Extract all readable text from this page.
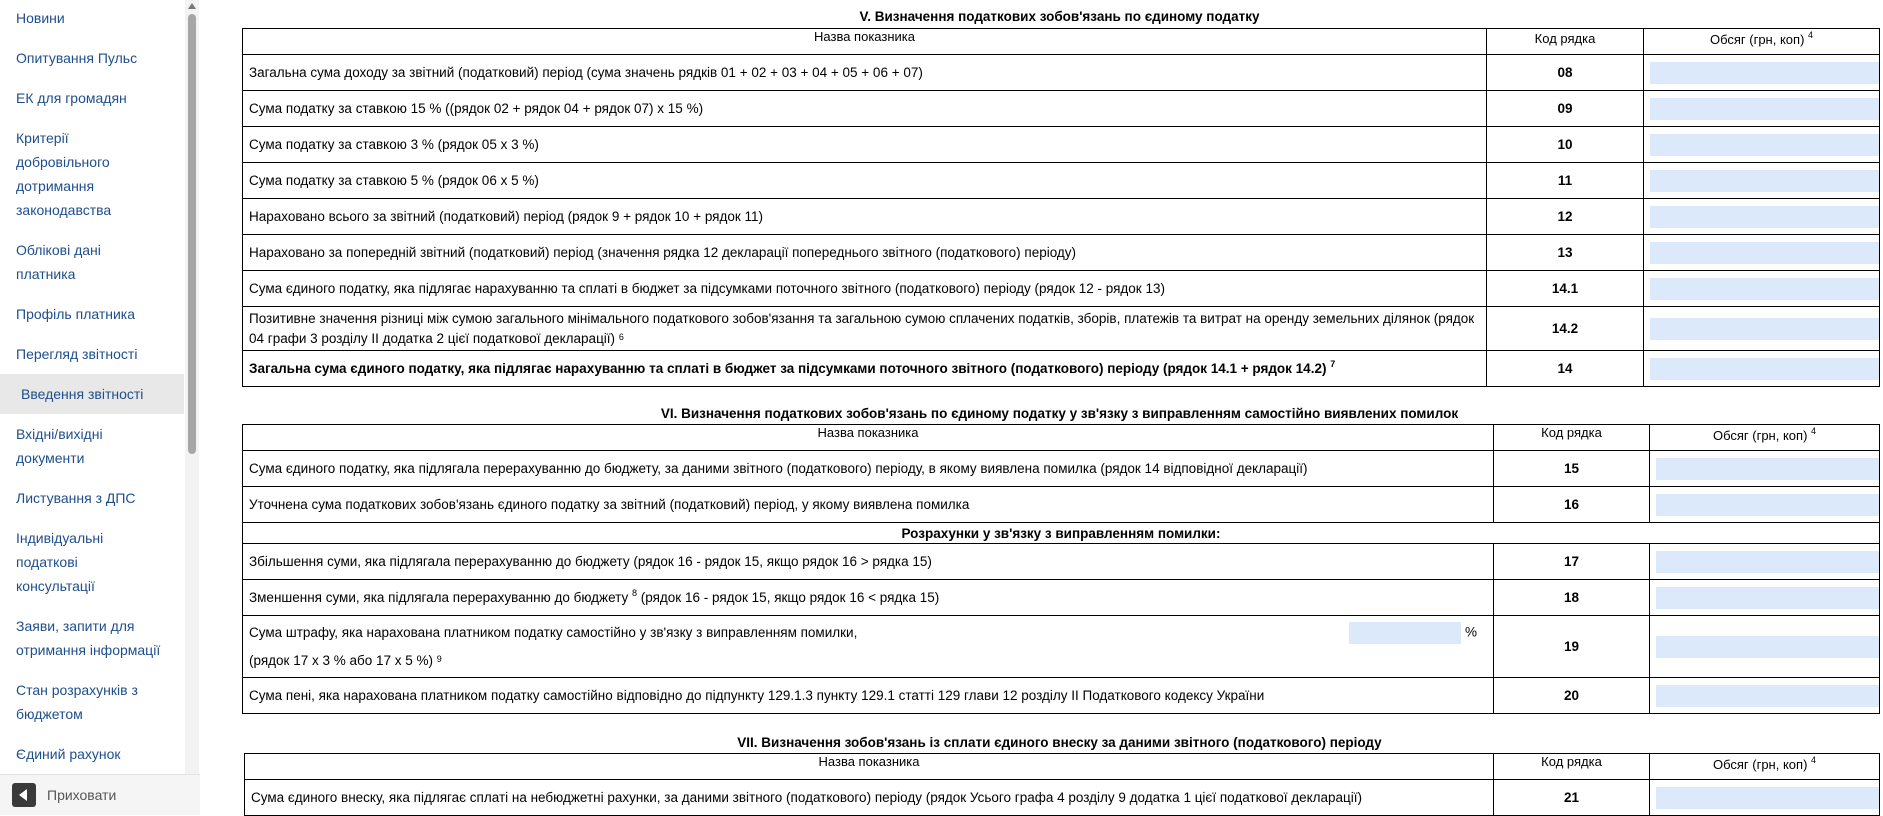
Новини
Опитування Пульс
ЕК для громадян
Критерії добровільного дотримання законодавства
Облікові дані платника
Профіль платника
Перегляд звітності
Введення звітності
Вхідні/вихідні документи
Листування з ДПС
Індивідуальні податкові консультації
Заяви, запити для отримання інформації
Стан розрахунків з бюджетом
Єдиний рахунок
Приховати
V. Визначення податкових зобов'язань по єдиному податку
Назва показника	Код рядка	Обсяг (грн, коп) $^4$
Загальна сума доходу за звітний (податковий) період (сума значень рядків 01 + 02 + 03 + 04 + 05 + 06 + 07)	08	

Сума податку за ставкою 15 % ((рядок 02 + рядок 04 + рядок 07) х 15 %)	09	

Сума податку за ставкою 3 % (рядок 05 х 3 %)	10	

Сума податку за ставкою 5 % (рядок 06 х 5 %)	11	

Нараховано всього за звітний (податковий) період (рядок 9 + рядок 10 + рядок 11)	12	

Нараховано за попередній звітний (податковий) період (значення рядка 12 декларації попереднього звітного (податкового) періоду)	13	

Сума єдиного податку, яка підлягає нарахуванню та сплаті в бюджет за підсумками поточного звітного (податкового) періоду (рядок 12 - рядок 13)	14.1	

Позитивне значення різниці між сумою загального мінімального податкового зобов'язання та загальною сумою сплачених податків, зборів, платежів та витрат на оренду земельних ділянок (рядок 04 графи 3 розділу II додатка 2 цієї податкової декларації) $^6$	14.2	

Загальна сума єдиного податку, яка підлягає нарахуванню та сплаті в бюджет за підсумками поточного звітного (податкового) періоду (рядок 14.1 + рядок 14.2) $^7$	14	
VI. Визначення податкових зобов'язань по єдиному податку у зв'язку з виправленням самостійно виявлених помилок
Назва показника	Код рядка	Обсяг (грн, коп) $^4$
Сума єдиного податку, яка підлягала перерахуванню до бюджету, за даними звітного (податкового) періоду, в якому виявлена помилка (рядок 14 відповідної декларації)	15	

Уточнена сума податкових зобов'язань єдиного податку за звітний (податковий) період, у якому виявлена помилка	16	

Розрахунки у зв'язку з виправленням помилки:		
Збільшення суми, яка підлягала перерахуванню до бюджету (рядок 16 - рядок 15, якщо рядок 16 > рядка 15)	17	

Зменшення суми, яка підлягала перерахуванню до бюджету $^8$ (рядок 16 - рядок 15, якщо рядок 16 < рядка 15)	18	

Сума штрафу, яка нарахована платником податку самостійно у зв'язку з виправленням помилки, %
(рядок 17 х 3 % або 17 х 5 %) $^9$	19	

Сума пені, яка нарахована платником податку самостійно відповідно до підпункту 129.1.3 пункту 129.1 статті 129 глави 12 розділу II Податкового кодексу України	20	
VII. Визначення зобов'язань із сплати єдиного внеску за даними звітного (податкового) періоду
Назва показника	Код рядка	Обсяг (грн, коп) $^4$
Сума єдиного внеску, яка підлягає сплаті на небюджетні рахунки, за даними звітного (податкового) періоду (рядок Усього графа 4 розділу 9 додатка 1 цієї податкової декларації)	21	
